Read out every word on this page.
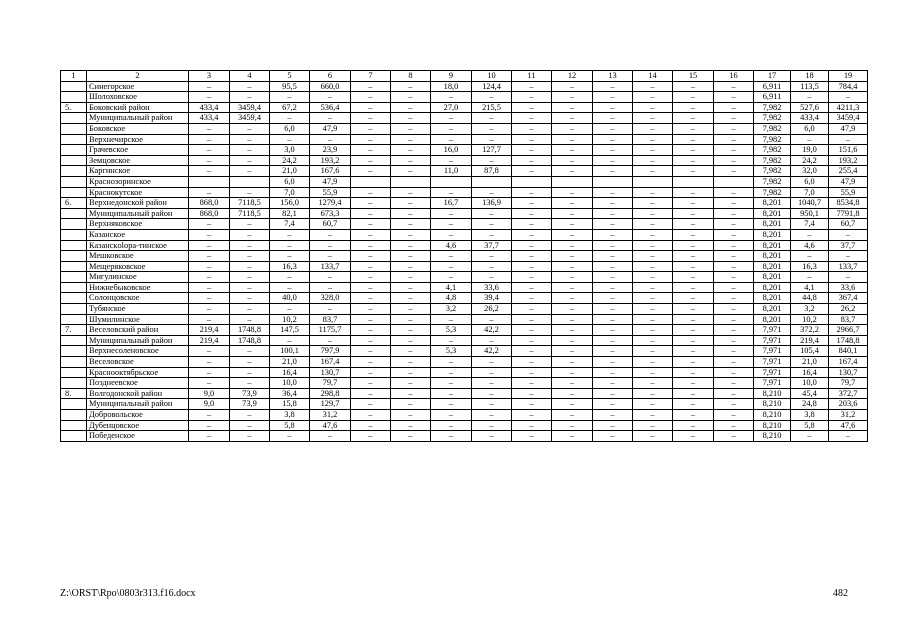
1	2	3	4	5	6	7	8	9	10	11	12	13	14	15	16	17	18	19
	Синегорское	–	–	95,5	660,0	–	–	18,0	124,4	–	–	–	–	–	–	6,911	113,5	784,4
	Шолоховское	–	–	–	–	–	–	–	–	–	–	–	–	–	–	6,911	–	–
5.	Боковский район	433,4	3459,4	67,2	536,4	–	–	27,0	215,5	–	–	–	–	–	–	7,982	527,6	4211,3
	Муниципальный район	433,4	3459,4	–	–	–	–	–	–	–	–	–	–	–	–	7,982	433,4	3459,4
	Боковское	–	–	6,0	47,9	–	–	–	–	–	–	–	–	–	–	7,982	6,0	47,9
	Верхнечирское	–	–	–	–	–	–	–	–	–	–	–	–	–	–	7,982	–	–
	Грачевское	–	–	3,0	23,9	–	–	16,0	127,7	–	–	–	–	–	–	7,982	19,0	151,6
	Земцовское	–	–	24,2	193,2	–	–	–	–	–	–	–	–	–	–	7,982	24,2	193,2
	Каргинское	–	–	21,0	167,6	–	–	11,0	87,8	–	–	–	–	–	–	7,982	32,0	255,4
	Краснозоринское			6,0	47,9											7,982	6,0	47,9
	Краснокутское	–	–	7,0	55,9	–	–	–	–	–	–	–	–	–	–	7,982	7,0	55,9
6.	Верхнедонской район	868,0	7118,5	156,0	1279,4	–	–	16,7	136,9	–	–	–	–	–	–	8,201	1040,7	8534,8
	Муниципальный район	868,0	7118,5	82,1	673,3	–	–	–	–	–	–	–	–	–	–	8,201	950,1	7791,8
	Верхняковское	–	–	7,4	60,7	–	–	–	–	–	–	–	–	–	–	8,201	7,4	60,7
	Казанское	–	–	–	–	–	–	–	–	–	–	–	–	–	–	8,201	–	–
	Казанскolopa-тинское	–	–	–	–	–	–	4,6	37,7	–	–	–	–	–	–	8,201	4,6	37,7
	Мешковское	–	–	–	–	–	–	–	–	–	–	–	–	–	–	8,201	–	–
	Мещеряковское	–	–	16,3	133,7	–	–	–	–	–	–	–	–	–	–	8,201	16,3	133,7
	Мигулинское	–	–	–	–	–	–	–	–	–	–	–	–	–	–	8,201	–	–
	Нижнебыковское	–	–	–	–	–	–	4,1	33,6	–	–	–	–	–	–	8,201	4,1	33,6
	Солонцовское	–	–	40,0	328,0	–	–	4,8	39,4	–	–	–	–	–	–	8,201	44,8	367,4
	Тубянское	–	–	–	–	–	–	3,2	26,2	–	–	–	–	–	–	8,201	3,2	26,2
	Шумилинское	–	–	10,2	83,7	–	–	–	–	–	–	–	–	–	–	8,201	10,2	83,7
7.	Веселовский район	219,4	1748,8	147,5	1175,7	–	–	5,3	42,2	–	–	–	–	–	–	7,971	372,2	2966,7
	Муниципальный район	219,4	1748,8	–	–	–	–	–	–	–	–	–	–	–	–	7,971	219,4	1748,8
	Верхнесоленовское	–	–	100,1	797,9	–	–	5,3	42,2	–	–	–	–	–	–	7,971	105,4	840,1
	Веселовское	–	–	21,0	167,4	–	–	–	–	–	–	–	–	–	–	7,971	21,0	167,4
	Краснооктябрьское	–	–	16,4	130,7	–	–	–	–	–	–	–	–	–	–	7,971	16,4	130,7
	Позднеевское	–	–	10,0	79,7	–	–	–	–	–	–	–	–	–	–	7,971	10,0	79,7
8.	Волгодонской район	9,0	73,9	36,4	298,8	–	–	–	–	–	–	–	–	–	–	8,210	45,4	372,7
	Муниципальный район	9,0	73,9	15,8	129,7	–	–	–	–	–	–	–	–	–	–	8,210	24,8	203,6
	Добровольское	–	–	3,8	31,2	–	–	–	–	–	–	–	–	–	–	8,210	3,8	31,2
	Дубенцовское	–	–	5,8	47,6	–	–	–	–	–	–	–	–	–	–	8,210	5,8	47,6
	Победенское	–	–	–	–	–	–	–	–	–	–	–	–	–	–	8,210	–	–
Z:\ORST\Rpo\0803r313.f16.docx	482
